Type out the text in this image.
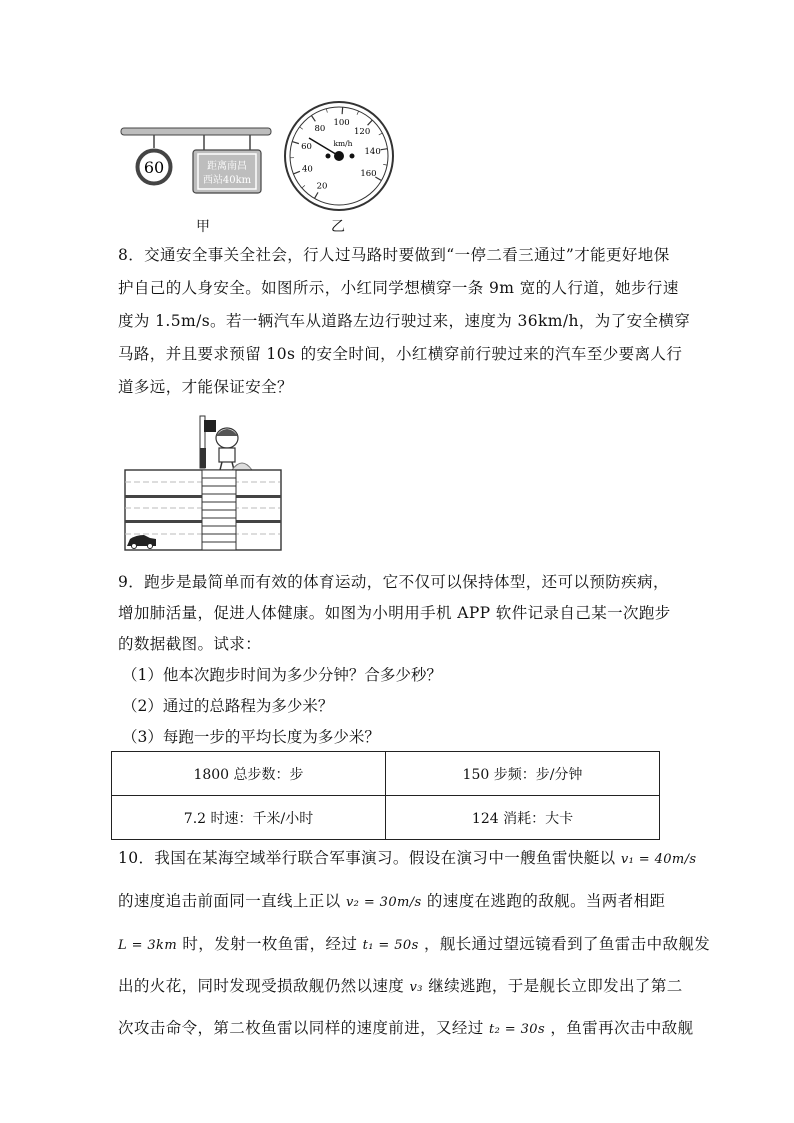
60	距离南昌
西站40km
20
40
60
80
100
120
140
160
km/h
甲	乙
8．交通安全事关全社会，行人过马路时要做到“一停二看三通过”才能更好地保
护自己的人身安全。如图所示，小红同学想横穿一条 9m 宽的人行道，她步行速
度为 1.5m/s。若一辆汽车从道路左边行驶过来，速度为 36km/h，为了安全横穿
马路，并且要求预留 10s 的安全时间，小红横穿前行驶过来的汽车至少要离人行
道多远，才能保证安全？
9．跑步是最简单而有效的体育运动，它不仅可以保持体型，还可以预防疾病，
增加肺活量，促进人体健康。如图为小明用手机 APP 软件记录自己某一次跑步
的数据截图。试求：
（1）他本次跑步时间为多少分钟？合多少秒？
（2）通过的总路程为多少米？
（3）每跑一步的平均长度为多少米？
1800 总步数：步	150 步频：步/分钟
7.2 时速：千米/小时	124 消耗：大卡
10．我国在某海空域举行联合军事演习。假设在演习中一艘鱼雷快艇以 v₁ = 40m/s
的速度追击前面同一直线上正以 v₂ = 30m/s 的速度在逃跑的敌舰。当两者相距
L = 3km 时，发射一枚鱼雷，经过 t₁ = 50s ，舰长通过望远镜看到了鱼雷击中敌舰发
出的火花，同时发现受损敌舰仍然以速度 v₃ 继续逃跑，于是舰长立即发出了第二
次攻击命令，第二枚鱼雷以同样的速度前进，又经过 t₂ = 30s ，鱼雷再次击中敌舰
